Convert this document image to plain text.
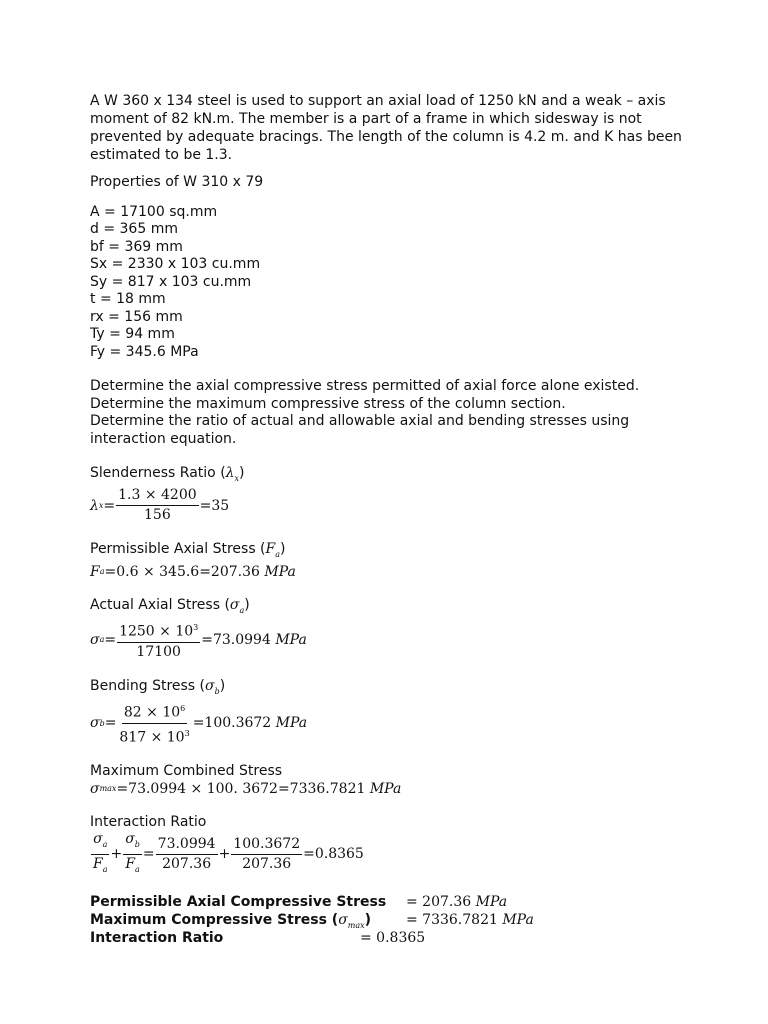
A W 360 x 134 steel is used to support an axial load of 1250 kN and a weak – axis moment of 82 kN.m. The member is a part of a frame in which sidesway is not prevented by adequate bracings. The length of the column is 4.2 m. and K has been estimated to be 1.3.

Properties of W 310 x 79

A = 17100 sq.mm

d = 365 mm

bf = 369 mm

Sx = 2330 x 103 cu.mm

Sy = 817 x 103 cu.mm

t = 18 mm

rx = 156 mm

Ty = 94 mm

Fy = 345.6 MPa

Determine the axial compressive stress permitted of axial force alone existed.

Determine the maximum compressive stress of the column section.

Determine the ratio of actual and allowable axial and bending stresses using interaction equation.

Slenderness Ratio $(\lambda_x)$

λ $x = \frac{1.3 \times 4200}{156} =35$

Permissible Axial Stress $(F_a)$

F a =0.6 × 345.6=207.36
MPa

Actual Axial Stress $(\sigma_a)$

σ $a = \frac{1250 \times 10^3}{17100} =73.0994$
MPa

Bending Stress $(\sigma_b)$

σ $b = \frac{82 \times 10^6}{817 \times 10^3} =100.3672$
MPa

Maximum Combined Stress

σ max =73.0994 × 100. 3672=7336.7821
MPa

Interaction Ratio

$\frac{\sigma_a}{F_a} + \frac{\sigma_b}{F_a} = \frac{73.0994}{207.36} + \frac{100.3672}{207.36} =0.8365$
Permissible Axial Compressive Stress = 207.36 MPa
Maximum Compressive Stress $(\sigma_{max}) = 7336.7821$ MPa
Interaction Ratio	= 0.8365
